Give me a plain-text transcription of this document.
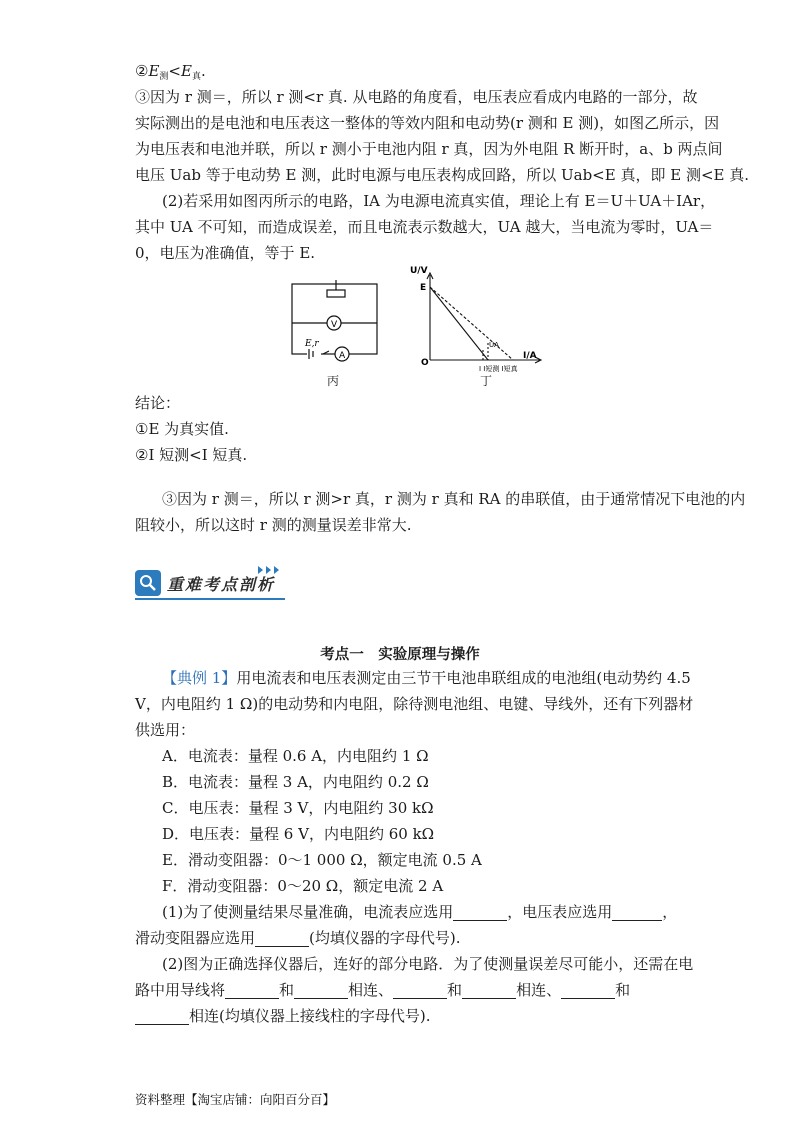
$②E_测<E_真$.
③因为 r 测＝，所以 r 测<r 真. 从电路的角度看，电压表应看成内电路的一部分，故
实际测出的是电池和电压表这一整体的等效内阻和电动势(r 测和 E 测)，如图乙所示，因
为电压表和电池并联，所以 r 测小于电池内阻 r 真，因为外电阻 R 断开时，a、b 两点间
电压 Uab 等于电动势 E 测，此时电源与电压表构成回路，所以 Uab<E 真，即 E 测<E 真.
(2)若采用如图丙所示的电路，IA 为电源电流真实值，理论上有 E＝U＋UA＋IAr，
其中 UA 不可知，而造成误差，而且电流表示数越大，UA 越大，当电流为零时，UA＝
0，电压为准确值，等于 E.
V
A
E,r
丙
U/V
I/A
O
E
UA
I I短测 I短真
丁
结论：
①E 为真实值.
②I 短测<I 短真.
③因为 r 测＝，所以 r 测>r 真，r 测为 r 真和 RA 的串联值，由于通常情况下电池的内
阻较小，所以这时 r 测的测量误差非常大.
重难考点剖析
考点一　实验原理与操作
【典例 1】用电流表和电压表测定由三节干电池串联组成的电池组(电动势约 4.5
V，内电阻约 1 Ω)的电动势和内电阻，除待测电池组、电键、导线外，还有下列器材
供选用：
A．电流表：量程 0.6 A，内电阻约 1 Ω
B．电流表：量程 3 A，内电阻约 0.2 Ω
C．电压表：量程 3 V，内电阻约 30 kΩ
D．电压表：量程 6 V，内电阻约 60 kΩ
E．滑动变阻器：0～1 000 Ω，额定电流 0.5 A
F．滑动变阻器：0～20 Ω，额定电流 2 A
(1)为了使测量结果尽量准确，电流表应选用	，电压表应选用	，
滑动变阻器应选用	(均填仪器的字母代号).
(2)图为正确选择仪器后，连好的部分电路．为了使测量误差尽可能小，还需在电
路中用导线将	和	相连、	和	相连、	和
相连(均填仪器上接线柱的字母代号).
资料整理【淘宝店铺：向阳百分百】
